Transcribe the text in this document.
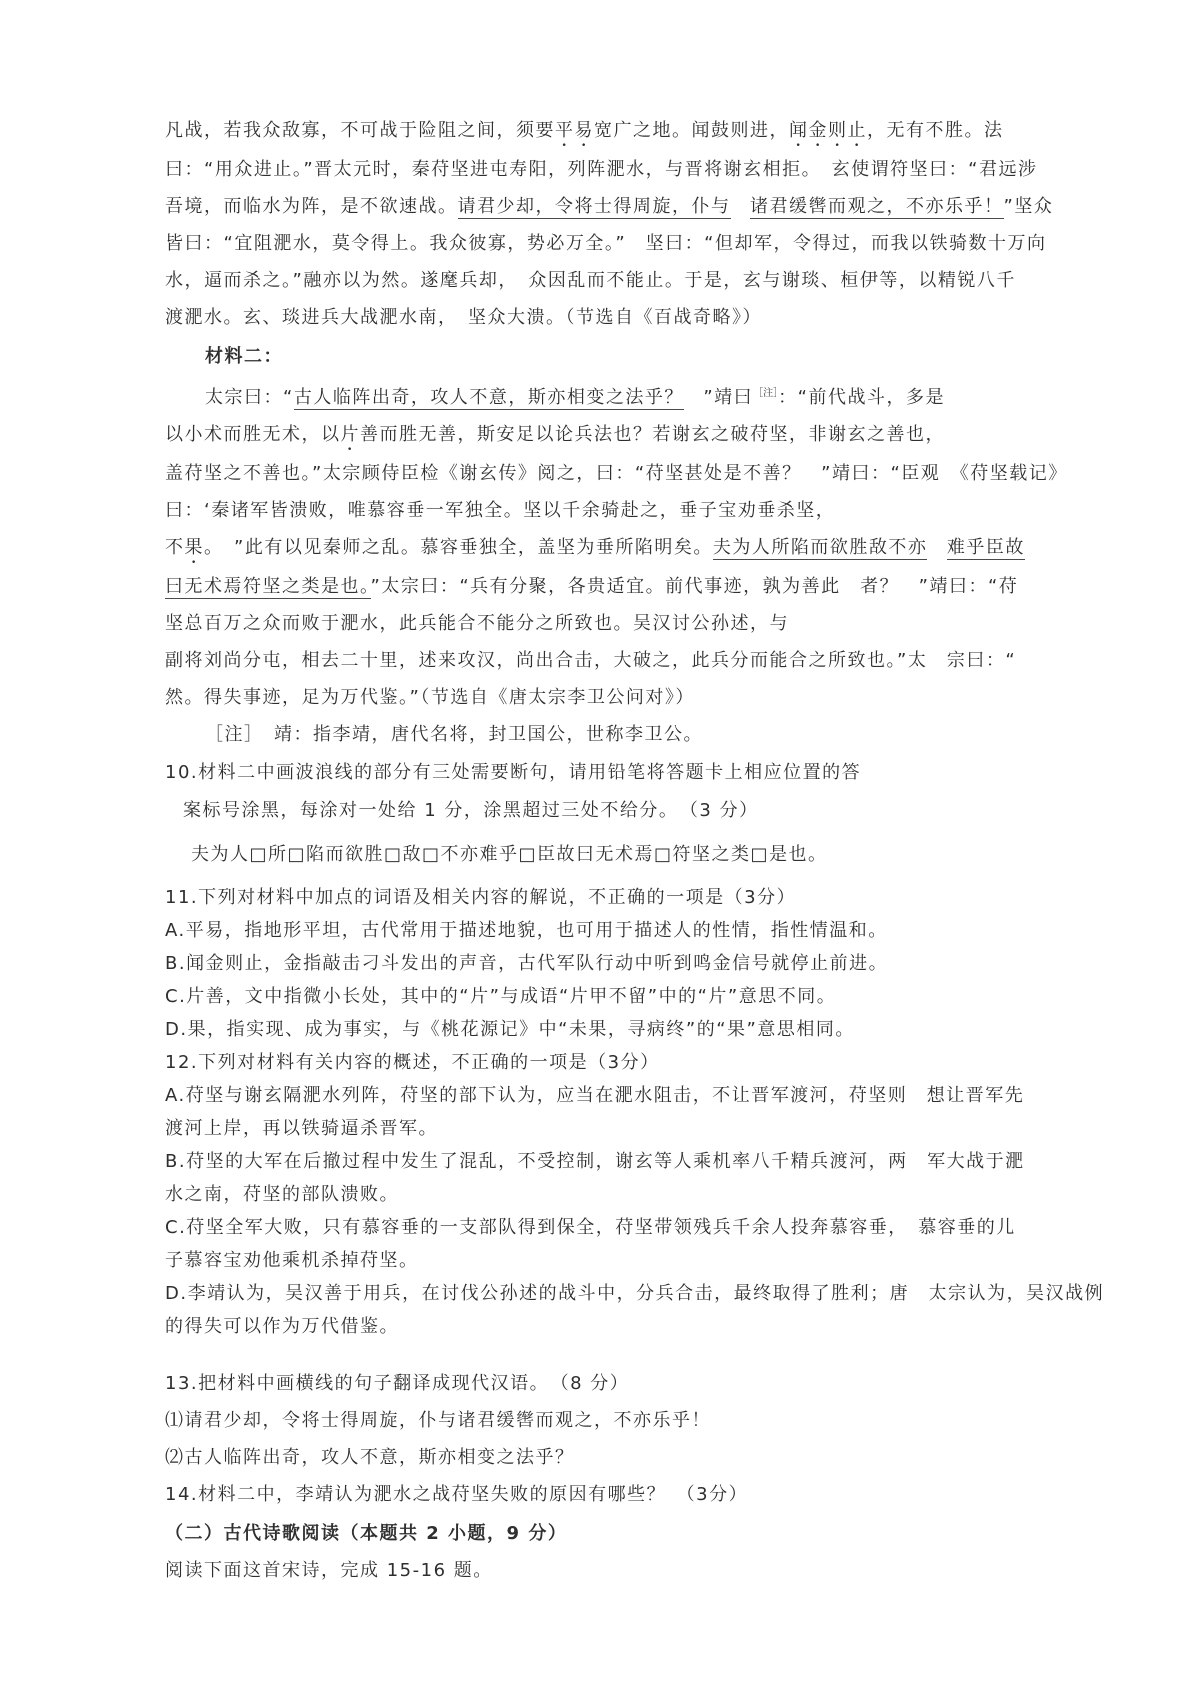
凡战，若我众敌寡，不可战于险阻之间，须要平易宽广之地。闻鼓则进，闻金则止，无有不胜。法
曰：“用众进止。”晋太元时，秦苻坚进屯寿阳，列阵淝水，与晋将谢玄相拒。　玄使谓符坚曰：“君远涉
吾境，而临水为阵，是不欲速战。请君少却，令将士得周旋，仆与　 诸君缓辔而观之，不亦乐乎！”坚众
皆曰：“宜阻淝水，莫令得上。我众彼寡，势必万全。”　坚曰：“但却军，令得过，而我以铁骑数十万向
水，逼而杀之。”融亦以为然。遂麾兵却，　众因乱而不能止。于是，玄与谢琰、桓伊等，以精锐八千
渡淝水。玄、琰进兵大战淝水南，　坚众大溃。（节选自《百战奇略》）
材料二：
太宗曰：“古人临阵出奇，攻人不意，斯亦相变之法乎？　”靖曰$^{[注]}$：“前代战斗，多是
以小术而胜无术，以片善而胜无善，斯安足以论兵法也？若谢玄之破苻坚，非谢玄之善也，
盖苻坚之不善也。”太宗顾侍臣检《谢玄传》阅之，曰：“苻坚甚处是不善？　”靖曰：“臣观　《苻坚载记》
曰：‘秦诸军皆溃败，唯慕容垂一军独全。坚以千余骑赴之，垂子宝劝垂杀坚，
不果。　”此有以见秦师之乱。慕容垂独全，盖坚为垂所陷明矣。夫为人所陷而欲胜敌不亦　 难乎臣故
曰无术焉符坚之类是也。”太宗曰：“兵有分聚，各贵适宜。前代事迹，孰为善此　者？　”靖曰：“苻
坚总百万之众而败于淝水，此兵能合不能分之所致也。吴汉讨公孙述，与
副将刘尚分屯，相去二十里，述来攻汉，尚出合击，大破之，此兵分而能合之所致也。”太　宗曰：“
然。得失事迹，足为万代鉴。”（节选自《唐太宗李卫公问对》）
［注］　靖：指李靖，唐代名将，封卫国公，世称李卫公。
10.材料二中画波浪线的部分有三处需要断句，请用铅笔将答题卡上相应位置的答
案标号涂黑，每涂对一处给 1 分，涂黑超过三处不给分。　（3 分）
夫为人□所□陷而欲胜□敌□不亦难乎□臣故曰无术焉□符坚之类□是也。
11.下列对材料中加点的词语及相关内容的解说，不正确的一项是（3分）
A.平易，指地形平坦，古代常用于描述地貌，也可用于描述人的性情，指性情温和。
B.闻金则止，金指敲击刁斗发出的声音，古代军队行动中听到鸣金信号就停止前进。
C.片善，文中指微小长处，其中的“片”与成语“片甲不留”中的“片”意思不同。
D.果，指实现、成为事实，与《桃花源记》中“未果，寻病终”的“果”意思相同。
12.下列对材料有关内容的概述，不正确的一项是（3分）
A.苻坚与谢玄隔淝水列阵，苻坚的部下认为，应当在淝水阻击，不让晋军渡河，苻坚则　想让晋军先
渡河上岸，再以铁骑逼杀晋军。
B.苻坚的大军在后撤过程中发生了混乱，不受控制，谢玄等人乘机率八千精兵渡河，两　军大战于淝
水之南，苻坚的部队溃败。
C.苻坚全军大败，只有慕容垂的一支部队得到保全，苻坚带领残兵千余人投奔慕容垂，　慕容垂的儿
子慕容宝劝他乘机杀掉苻坚。
D.李靖认为，吴汉善于用兵，在讨伐公孙述的战斗中，分兵合击，最终取得了胜利；唐　太宗认为，吴汉战例
的得失可以作为万代借鉴。
13.把材料中画横线的句子翻译成现代汉语。　（8 分）
⑴请君少却，令将士得周旋，仆与诸君缓辔而观之，不亦乐乎！
⑵古人临阵出奇，攻人不意，斯亦相变之法乎？
14.材料二中，李靖认为淝水之战苻坚失败的原因有哪些？　（3分）
（二）古代诗歌阅读（本题共 2 小题，9 分）
阅读下面这首宋诗，完成 15-16 题。
